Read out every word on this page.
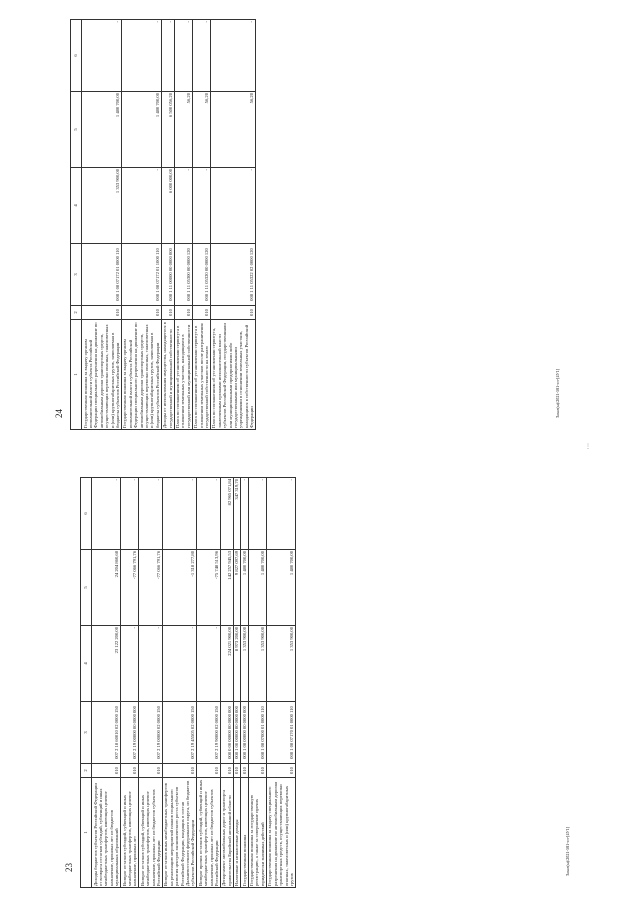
24
1	2	3	4	5	6
Государственная пошлина за выдачу органом исполнительной власти субъекта Российской Федерации специального разрешения на движение по автомобильным дорогам транспортных средств, осуществляющих перевозки опасных, тяжеловесных и (или) крупногабаритных грузов, зачисляемая в бюджеты субъектов Российской Федерации	010	008 1 08 07172 01 0000 110	1 353 900,00	1 480 700,00	-
Государственная пошлина за выдачу органом исполнительной власти субъекта Российской Федерации специального разрешения на движение по автомобильным дорогам транспортных средств, осуществляющих перевозки опасных, тяжеловесных и (или) крупногабаритных грузов, зачисляемая в бюджеты субъектов Российской Федерации	010	008 1 08 07172 01 1000 110	-	1 480 700,00	-
Доходы от использования имущества, находящегося в государственной и муниципальной собственности	010	008 1 11 00000 00 0000 000	6 000 000,00	6 500 056,20	-
Плата по соглашениям об установлении сервитута в отношении земельных участков, находящихся в государственной или муниципальной собственности	010	008 1 11 05300 00 0000 120	-	56,20	-
Плата по соглашениям об установлении сервитута в отношении земельных участков после разграничения государственной собственности на землю	010	008 1 11 05320 00 0000 120	-	56,20	-
Плата по соглашениям об установлении сервитута, заключенным органами исполнительной власти субъектов Российской Федерации, государственными или муниципальными предприятиями либо государственными или муниципальными учреждениями в отношении земельных участков, находящихся в собственности субъектов Российской Федерации	010	008 1 11 05322 02 0000 120	-	56,20	-
Заказ(ы)/2021-581-сп-[4У1]
⋮
23
1	2	3	4	5	6
Доходы бюджетов субъектов Российской Федерации от возврата остатков субсидий, субвенций и иных межбюджетных трансфертов, имеющих целевое назначение, прошлых лет из бюджетов муниципальных образований	010	007 2 18 60010 02 0000 150	23 122 200,00	24 204 860,68	-
Возврат остатков субсидий, субвенций и иных межбюджетных трансфертов, имеющих целевое назначение, прошлых лет	010	007 2 19 00000 00 0000 000	-	-77 066 791,76	-
Возврат остатков субсидий, субвенций и иных межбюджетных трансфертов, имеющих целевое назначение, прошлых лет из бюджетов субъектов Российской Федерации	010	007 2 19 00000 02 0000 150	-	-77 066 791,76	-
Возврат остатков иных межбюджетных трансфертов на реализацию мероприятий планов социального развития центров экономического роста субъектов Российской Федерации, входящих в состав Дальневосточного федерального округа, из бюджетов субъектов Российской Федерации	010	007 2 19 45505 02 0000 150	-	-1 318 277,80	-
Возврат прочих остатков субсидий, субвенций и иных межбюджетных трансфертов, имеющих целевое назначение, прошлых лет из бюджетов субъектов Российской Федерации	010	007 2 19 90000 02 0000 150	-	-75 748 513,96	-
Департамент автомобильных дорог и транспорта правительства Еврейской автономной области	010	008 0 00 00000 00 0000 000	224 021 900,00	142 257 945,53	82 965 071,84
Налоговые и неналоговые доходы	010	008 1 00 00000 00 0000 000	8 973 200,00	9 827 097,69	347 319,70
Государственная пошлина	010	008 1 08 00000 00 0000 000	1 353 900,00	1 480 700,00	-
Государственная пошлина за государственную регистрацию, а также за совершение прочих юридически значимых действий	010	008 1 08 07000 01 0000 110	1 353 900,00	1 480 700,00	-
Государственная пошлина за выдачу специального разрешения на движение по автомобильным дорогам транспортных средств, осуществляющих перевозки опасных, тяжеловесных и (или) крупногабаритных грузов	010	008 1 08 07170 01 0000 110	1 353 900,00	1 480 700,00	-
Заказ(ы)/2021-581-сп-[4У1]
